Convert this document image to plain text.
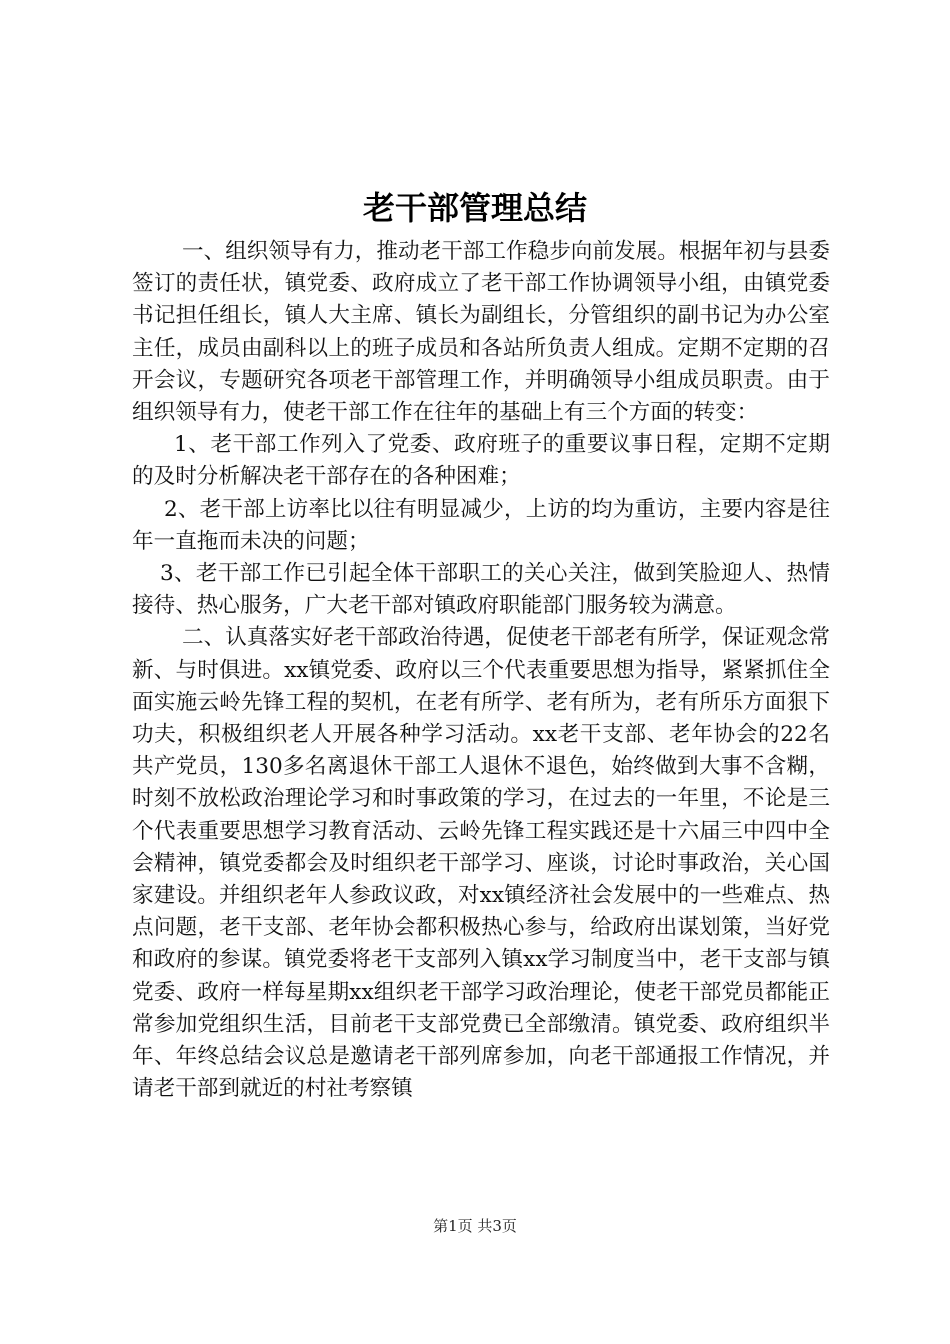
老干部管理总结

一、组织领导有力，推动老干部工作稳步向前发展。根据年初与县委签订的责任状，镇党委、政府成立了老干部工作协调领导小组，由镇党委书记担任组长，镇人大主席、镇长为副组长，分管组织的副书记为办公室主任，成员由副科以上的班子成员和各站所负责人组成。定期不定期的召开会议，专题研究各项老干部管理工作，并明确领导小组成员职责。由于组织领导有力，使老干部工作在往年的基础上有三个方面的转变：

1、老干部工作列入了党委、政府班子的重要议事日程，定期不定期的及时分析解决老干部存在的各种困难；

2、老干部上访率比以往有明显减少，上访的均为重访，主要内容是往年一直拖而未决的问题；

3、老干部工作已引起全体干部职工的关心关注，做到笑脸迎人、热情接待、热心服务，广大老干部对镇政府职能部门服务较为满意。

二、认真落实好老干部政治待遇，促使老干部老有所学，保证观念常新、与时俱进。xx镇党委、政府以三个代表重要思想为指导，紧紧抓住全面实施云岭先锋工程的契机，在老有所学、老有所为，老有所乐方面狠下功夫，积极组织老人开展各种学习活动。xx老干支部、老年协会的22名共产党员，130多名离退休干部工人退休不退色，始终做到大事不含糊，时刻不放松政治理论学习和时事政策的学习，在过去的一年里，不论是三个代表重要思想学习教育活动、云岭先锋工程实践还是十六届三中四中全会精神，镇党委都会及时组织老干部学习、座谈，讨论时事政治，关心国家建设。并组织老年人参政议政，对xx镇经济社会发展中的一些难点、热点问题，老干支部、老年协会都积极热心参与，给政府出谋划策，当好党和政府的参谋。镇党委将老干支部列入镇xx学习制度当中，老干支部与镇党委、政府一样每星期xx组织老干部学习政治理论，使老干部党员都能正常参加党组织生活，目前老干支部党费已全部缴清。镇党委、政府组织半年、年终总结会议总是邀请老干部列席参加，向老干部通报工作情况，并请老干部到就近的村社考察镇

第1页 共3页
